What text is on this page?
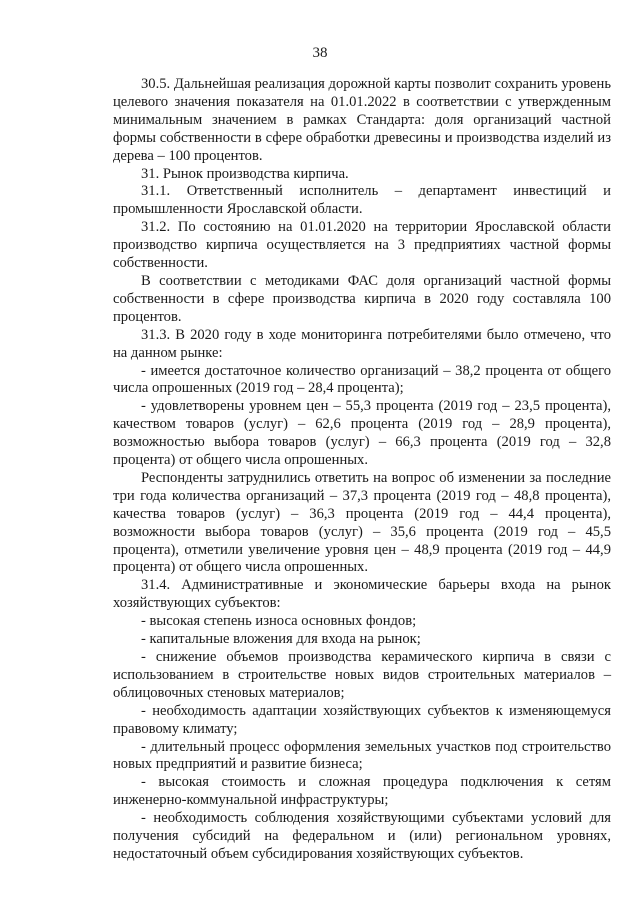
38

30.5. Дальнейшая реализация дорожной карты позволит сохранить уровень целевого значения показателя на 01.01.2022 в соответствии с утвержденным минимальным значением в рамках Стандарта: доля организаций частной формы собственности в сфере обработки древесины и производства изделий из дерева – 100 процентов.

31. Рынок производства кирпича.

31.1. Ответственный исполнитель – департамент инвестиций и промышленности Ярославской области.

31.2. По состоянию на 01.01.2020 на территории Ярославской области производство кирпича осуществляется на 3 предприятиях частной формы собственности.

В соответствии с методиками ФАС доля организаций частной формы собственности в сфере производства кирпича в 2020 году составляла 100 процентов.

31.3. В 2020 году в ходе мониторинга потребителями было отмечено, что на данном рынке:

- имеется достаточное количество организаций – 38,2 процента от общего числа опрошенных (2019 год – 28,4 процента);

- удовлетворены уровнем цен – 55,3 процента (2019 год – 23,5 процента), качеством товаров (услуг) – 62,6 процента (2019 год – 28,9 процента), возможностью выбора товаров (услуг) – 66,3 процента (2019 год – 32,8 процента) от общего числа опрошенных.

Респонденты затруднились ответить на вопрос об изменении за последние три года количества организаций – 37,3 процента (2019 год – 48,8 процента), качества товаров (услуг) – 36,3 процента (2019 год – 44,4 процента), возможности выбора товаров (услуг) – 35,6 процента (2019 год – 45,5 процента), отметили увеличение уровня цен – 48,9 процента (2019 год – 44,9 процента) от общего числа опрошенных.

31.4. Административные и экономические барьеры входа на рынок хозяйствующих субъектов:

- высокая степень износа основных фондов;

- капитальные вложения для входа на рынок;

- снижение объемов производства керамического кирпича в связи с использованием в строительстве новых видов строительных материалов – облицовочных стеновых материалов;

- необходимость адаптации хозяйствующих субъектов к изменяющемуся правовому климату;

- длительный процесс оформления земельных участков под строительство новых предприятий и развитие бизнеса;

- высокая стоимость и сложная процедура подключения к сетям инженерно-коммунальной инфраструктуры;

- необходимость соблюдения хозяйствующими субъектами условий для получения субсидий на федеральном и (или) региональном уровнях, недостаточный объем субсидирования хозяйствующих субъектов.
